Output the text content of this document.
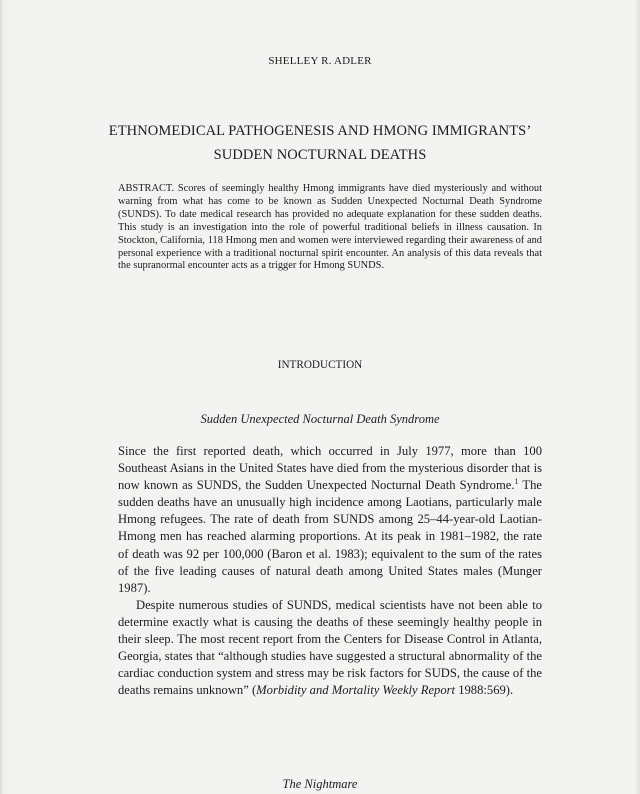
SHELLEY R. ADLER
ETHNOMEDICAL PATHOGENESIS AND HMONG IMMIGRANTS’
SUDDEN NOCTURNAL DEATHS
ABSTRACT. Scores of seemingly healthy Hmong immigrants have died mysteriously and without warning from what has come to be known as Sudden Unexpected Nocturnal Death Syndrome (SUNDS). To date medical research has provided no adequate explanation for these sudden deaths. This study is an investigation into the role of powerful traditional beliefs in illness causation. In Stockton, California, 118 Hmong men and women were interviewed regarding their awareness of and personal experience with a traditional nocturnal spirit encounter. An analysis of this data reveals that the supranormal encounter acts as a trigger for Hmong SUNDS.
INTRODUCTION
Sudden Unexpected Nocturnal Death Syndrome

Since the first reported death, which occurred in July 1977, more than 100 Southeast Asians in the United States have died from the mysterious disorder that is now known as SUNDS, the Sudden Unexpected Nocturnal Death Syndrome.$^1$ The sudden deaths have an unusually high incidence among Laotians, particularly male Hmong refugees. The rate of death from SUNDS among 25–44-year-old Laotian-Hmong men has reached alarming proportions. At its peak in 1981–1982, the rate of death was 92 per 100,000 (Baron et al. 1983); equivalent to the sum of the rates of the five leading causes of natural death among United States males (Munger 1987).

Despite numerous studies of SUNDS, medical scientists have not been able to determine exactly what is causing the deaths of these seemingly healthy people in their sleep. The most recent report from the Centers for Disease Control in Atlanta, Georgia, states that “although studies have suggested a structural abnormality of the cardiac conduction system and stress may be risk factors for SUDS, the cause of the deaths remains unknown” (Morbidity and Mortality Weekly Report 1988:569).

The Nightmare
